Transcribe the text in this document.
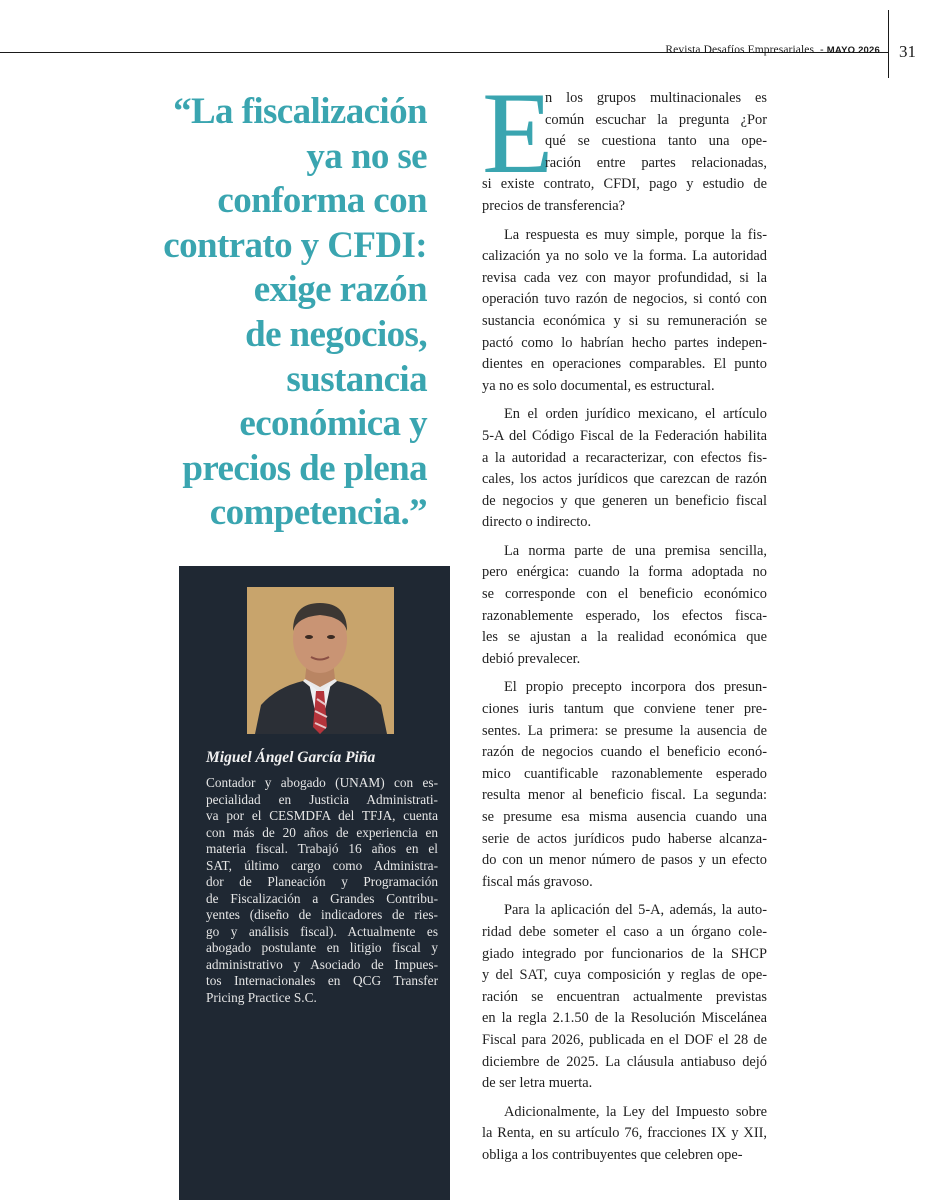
Revista Desafíos Empresariales - MAYO 2026 31
“La fiscalización
ya no se
conforma con
contrato y CFDI:
exige razón
de negocios,
sustancia
económica y
precios de plena
competencia.”
Miguel Ángel García Piña
Contador y abogado (UNAM) con es-
pecialidad en Justicia Administrati-
va por el CESMDFA del TFJA, cuenta
con más de 20 años de experiencia en
materia fiscal. Trabajó 16 años en el
SAT, último cargo como Administra-
dor de Planeación y Programación
de Fiscalización a Grandes Contribu-
yentes (diseño de indicadores de ries-
go y análisis fiscal). Actualmente es
abogado postulante en litigio fiscal y
administrativo y Asociado de Impues-
tos Internacionales en QCG Transfer
Pricing Practice S.C.
E
n los grupos multinacionales es
común escuchar la pregunta ¿Por
qué se cuestiona tanto una ope-
ración entre partes relacionadas,
si existe contrato, CFDI, pago y estudio de
precios de transferencia?
La respuesta es muy simple, porque la fis-
calización ya no solo ve la forma. La autoridad
revisa cada vez con mayor profundidad, si la
operación tuvo razón de negocios, si contó con
sustancia económica y si su remuneración se
pactó como lo habrían hecho partes indepen-
dientes en operaciones comparables. El punto
ya no es solo documental, es estructural.
En el orden jurídico mexicano, el artículo
5-A del Código Fiscal de la Federación habilita
a la autoridad a recaracterizar, con efectos fis-
cales, los actos jurídicos que carezcan de razón
de negocios y que generen un beneficio fiscal
directo o indirecto.
La norma parte de una premisa sencilla,
pero enérgica: cuando la forma adoptada no
se corresponde con el beneficio económico
razonablemente esperado, los efectos fisca-
les se ajustan a la realidad económica que
debió prevalecer.
El propio precepto incorpora dos presun-
ciones iuris tantum que conviene tener pre-
sentes. La primera: se presume la ausencia de
razón de negocios cuando el beneficio econó-
mico cuantificable razonablemente esperado
resulta menor al beneficio fiscal. La segunda:
se presume esa misma ausencia cuando una
serie de actos jurídicos pudo haberse alcanza-
do con un menor número de pasos y un efecto
fiscal más gravoso.
Para la aplicación del 5-A, además, la auto-
ridad debe someter el caso a un órgano cole-
giado integrado por funcionarios de la SHCP
y del SAT, cuya composición y reglas de ope-
ración se encuentran actualmente previstas
en la regla 2.1.50 de la Resolución Miscelánea
Fiscal para 2026, publicada en el DOF el 28 de
diciembre de 2025. La cláusula antiabuso dejó
de ser letra muerta.
Adicionalmente, la Ley del Impuesto sobre
la Renta, en su artículo 76, fracciones IX y XII,
obliga a los contribuyentes que celebren ope-
